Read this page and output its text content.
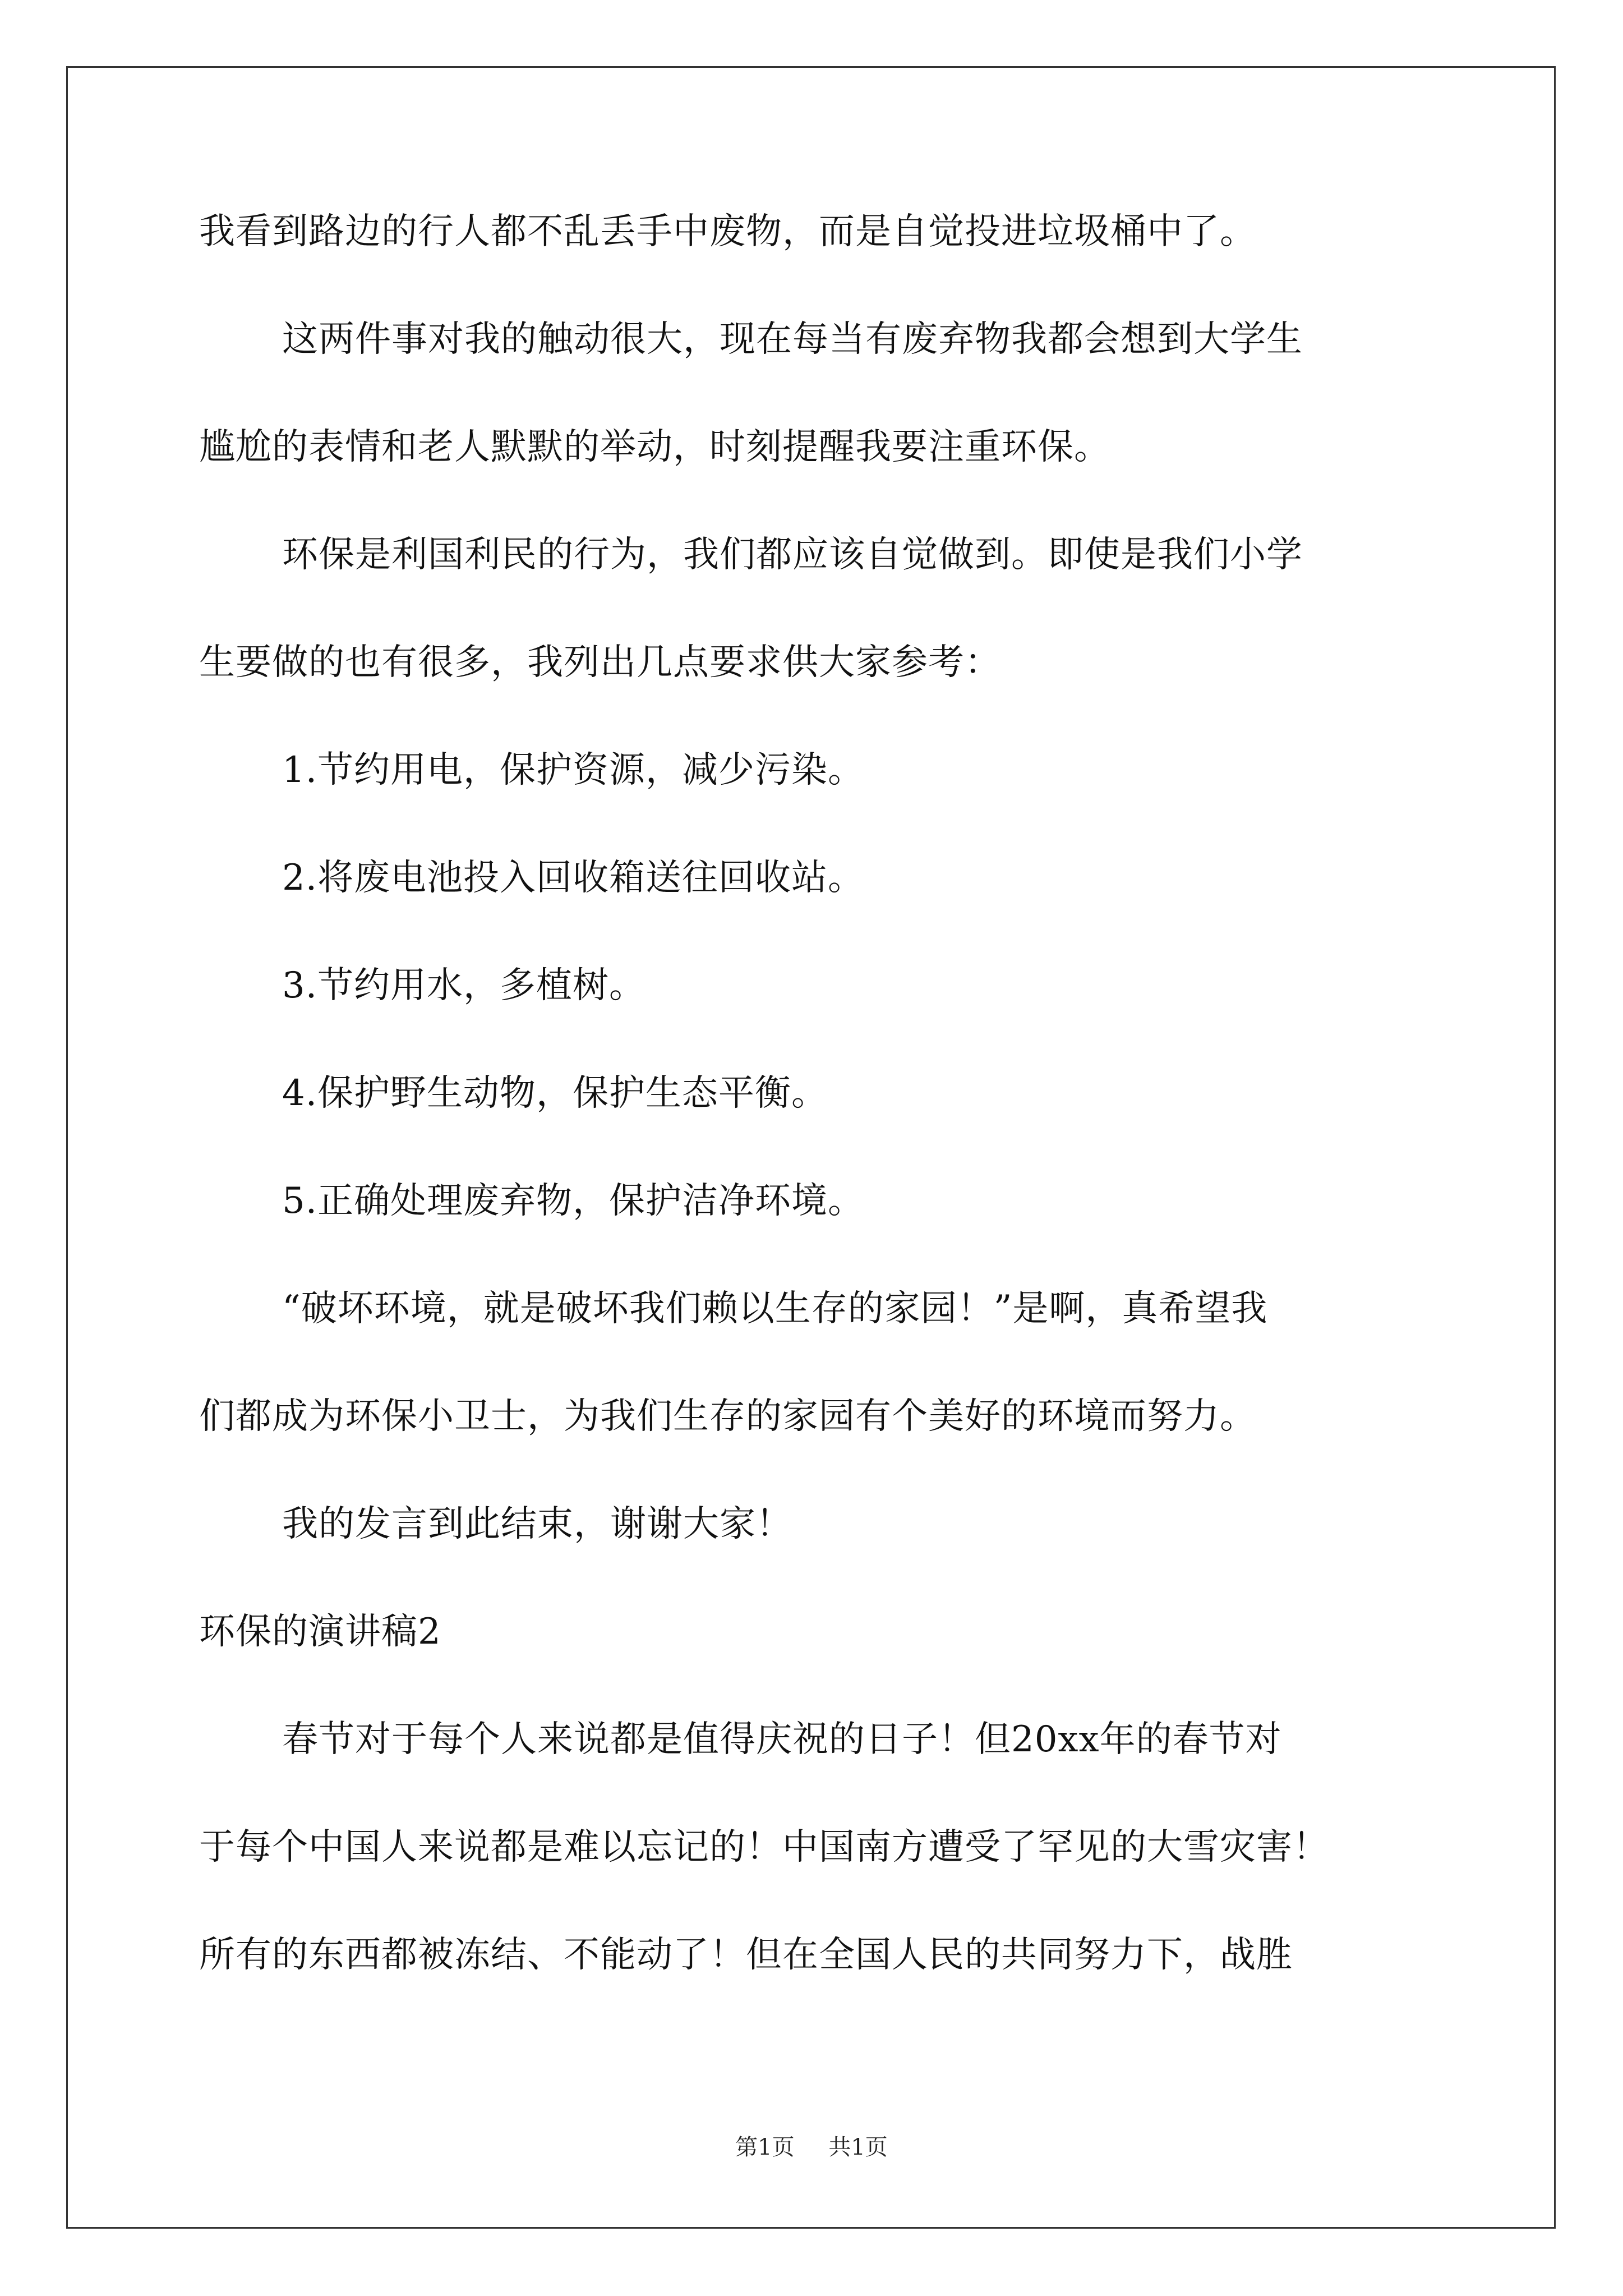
我看到路边的行人都不乱丢手中废物，而是自觉投进垃圾桶中了。
这两件事对我的触动很大，现在每当有废弃物我都会想到大学生
尴尬的表情和老人默默的举动，时刻提醒我要注重环保。
环保是利国利民的行为，我们都应该自觉做到。即使是我们小学
生要做的也有很多，我列出几点要求供大家参考：
1.节约用电，保护资源，减少污染。
2.将废电池投入回收箱送往回收站。
3.节约用水，多植树。
4.保护野生动物，保护生态平衡。
5.正确处理废弃物，保护洁净环境。
“破坏环境，就是破坏我们赖以生存的家园！”是啊，真希望我
们都成为环保小卫士，为我们生存的家园有个美好的环境而努力。
我的发言到此结束，谢谢大家！
环保的演讲稿2
春节对于每个人来说都是值得庆祝的日子！但20xx年的春节对
于每个中国人来说都是难以忘记的！中国南方遭受了罕见的大雪灾害！
所有的东西都被冻结、不能动了！但在全国人民的共同努力下，战胜
第1页 共1页
